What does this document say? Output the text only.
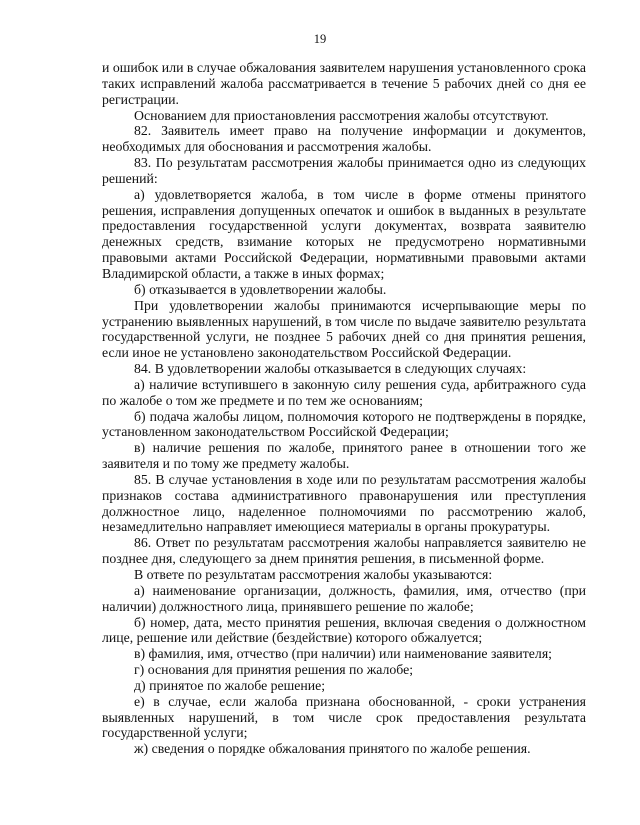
19

и ошибок или в случае обжалования заявителем нарушения установленного срока таких исправлений жалоба рассматривается в течение 5 рабочих дней со дня ее регистрации.

Основанием для приостановления рассмотрения жалобы отсутствуют.

82. Заявитель имеет право на получение информации и документов, необходимых для обоснования и рассмотрения жалобы.

83. По результатам рассмотрения жалобы принимается одно из следующих решений:

а) удовлетворяется жалоба, в том числе в форме отмены принятого решения, исправления допущенных опечаток и ошибок в выданных в результате предоставления государственной услуги документах, возврата заявителю денежных средств, взимание которых не предусмотрено нормативными правовыми актами Российской Федерации, нормативными правовыми актами Владимирской области, а также в иных формах;

б) отказывается в удовлетворении жалобы.

При удовлетворении жалобы принимаются исчерпывающие меры по устранению выявленных нарушений, в том числе по выдаче заявителю результата государственной услуги, не позднее 5 рабочих дней со дня принятия решения, если иное не установлено законодательством Российской Федерации.

84. В удовлетворении жалобы отказывается в следующих случаях:

а) наличие вступившего в законную силу решения суда, арбитражного суда по жалобе о том же предмете и по тем же основаниям;

б) подача жалобы лицом, полномочия которого не подтверждены в порядке, установленном законодательством Российской Федерации;

в) наличие решения по жалобе, принятого ранее в отношении того же заявителя и по тому же предмету жалобы.

85. В случае установления в ходе или по результатам рассмотрения жалобы признаков состава административного правонарушения или преступления должностное лицо, наделенное полномочиями по рассмотрению жалоб, незамедлительно направляет имеющиеся материалы в органы прокуратуры.

86. Ответ по результатам рассмотрения жалобы направляется заявителю не позднее дня, следующего за днем принятия решения, в письменной форме.

В ответе по результатам рассмотрения жалобы указываются:

а) наименование организации, должность, фамилия, имя, отчество (при наличии) должностного лица, принявшего решение по жалобе;

б) номер, дата, место принятия решения, включая сведения о должностном лице, решение или действие (бездействие) которого обжалуется;

в) фамилия, имя, отчество (при наличии) или наименование заявителя;

г) основания для принятия решения по жалобе;

д) принятое по жалобе решение;

е) в случае, если жалоба признана обоснованной, - сроки устранения выявленных нарушений, в том числе срок предоставления результата государственной услуги;

ж) сведения о порядке обжалования принятого по жалобе решения.
